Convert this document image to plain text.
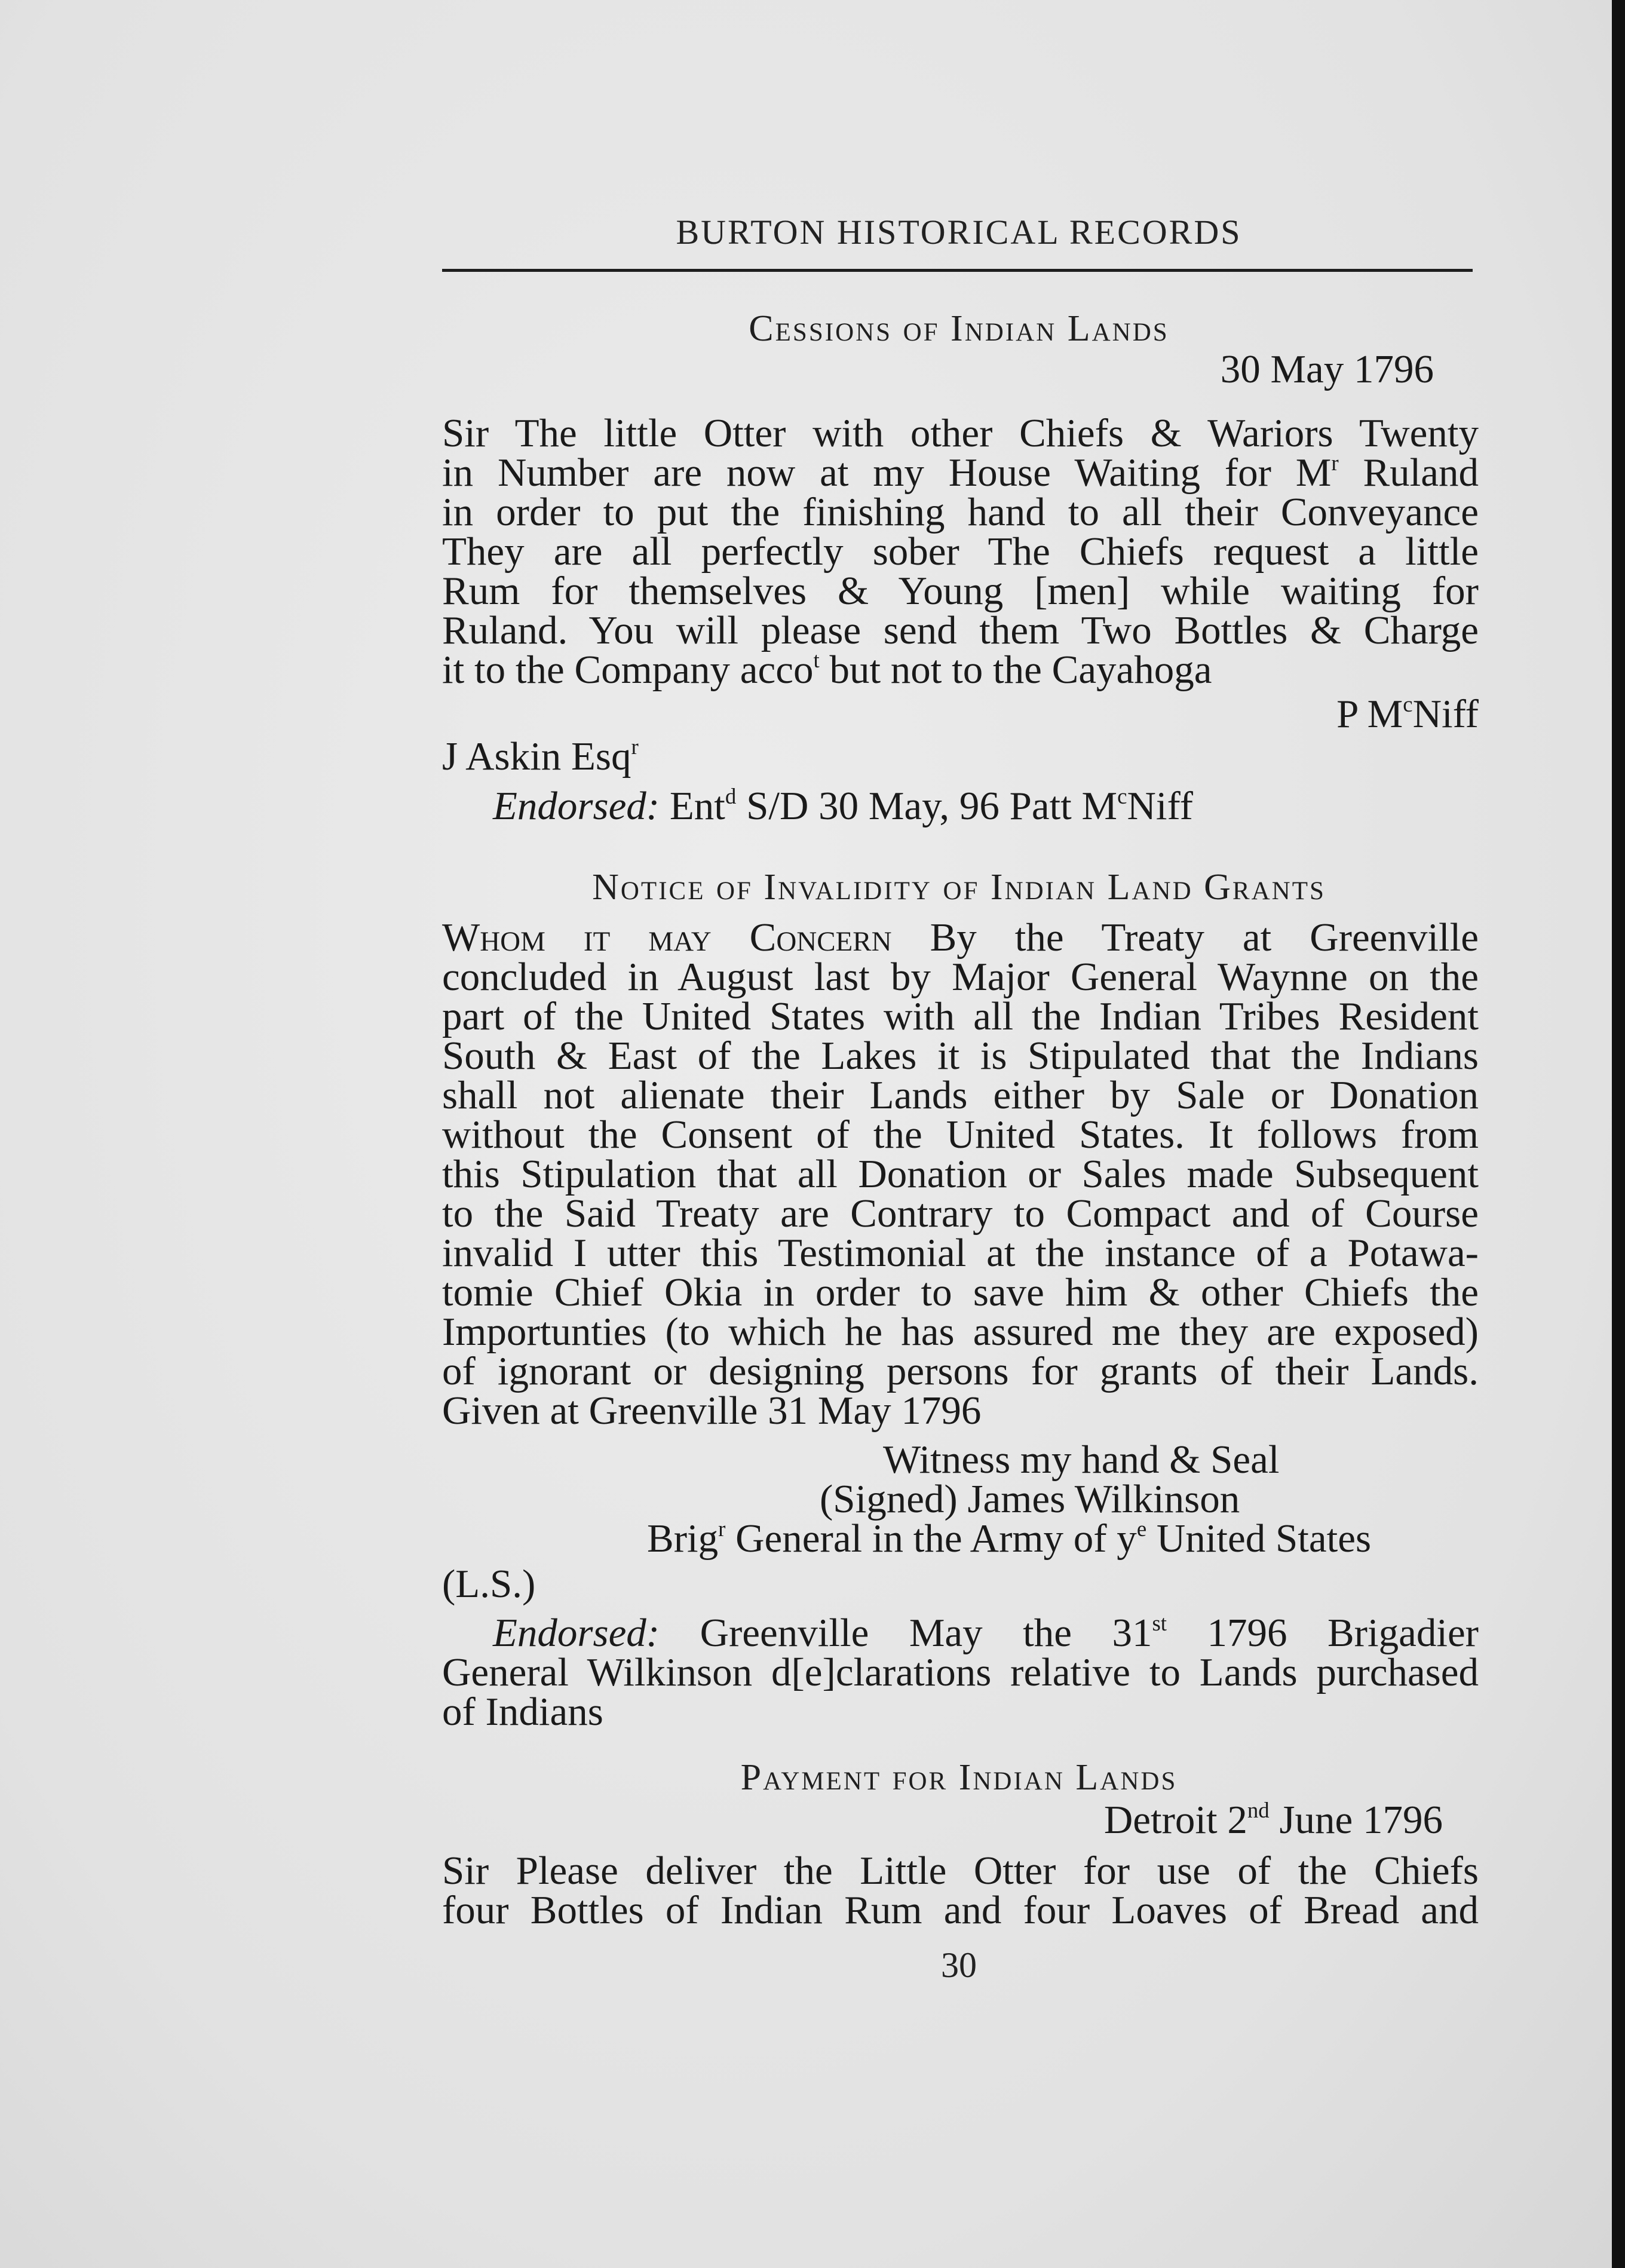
BURTON HISTORICAL RECORDS
Cessions of Indian Lands
30 May 1796
Sir The little Otter with other Chiefs & Wariors Twenty
in Number are now at my House Waiting for $M^r$ Ruland
in order to put the finishing hand to all their Conveyance
They are all perfectly sober The Chiefs request a little
Rum for themselves & Young [men] while waiting for
Ruland. You will please send them Two Bottles & Charge
it to the Company acco$^t$ but not to the Cayahoga
P $M^cNiff$
J Askin Esq$^r$
Endorsed: Ent$^d$ S/D 30 May, 96 Patt $M^cNiff$
Notice of Invalidity of Indian Land Grants
Whom it may Concern By the Treaty at Greenville
concluded in August last by Major General Waynne on the
part of the United States with all the Indian Tribes Resident
South & East of the Lakes it is Stipulated that the Indians
shall not alienate their Lands either by Sale or Donation
without the Consent of the United States. It follows from
this Stipulation that all Donation or Sales made Subsequent
to the Said Treaty are Contrary to Compact and of Course
invalid I utter this Testimonial at the instance of a Potawa-
tomie Chief Okia in order to save him & other Chiefs the
Importunties (to which he has assured me they are exposed)
of ignorant or designing persons for grants of their Lands.
Given at Greenville 31 May 1796
Witness my hand & Seal
(Signed) James Wilkinson
Brig$^r$ General in the Army of $y^e$ United States
(L.S.)
Endorsed: Greenville May the 31st 1796 Brigadier
General Wilkinson d[e]clarations relative to Lands purchased
of Indians
Payment for Indian Lands
Detroit 2nd June 1796
Sir Please deliver the Little Otter for use of the Chiefs
four Bottles of Indian Rum and four Loaves of Bread and
30
